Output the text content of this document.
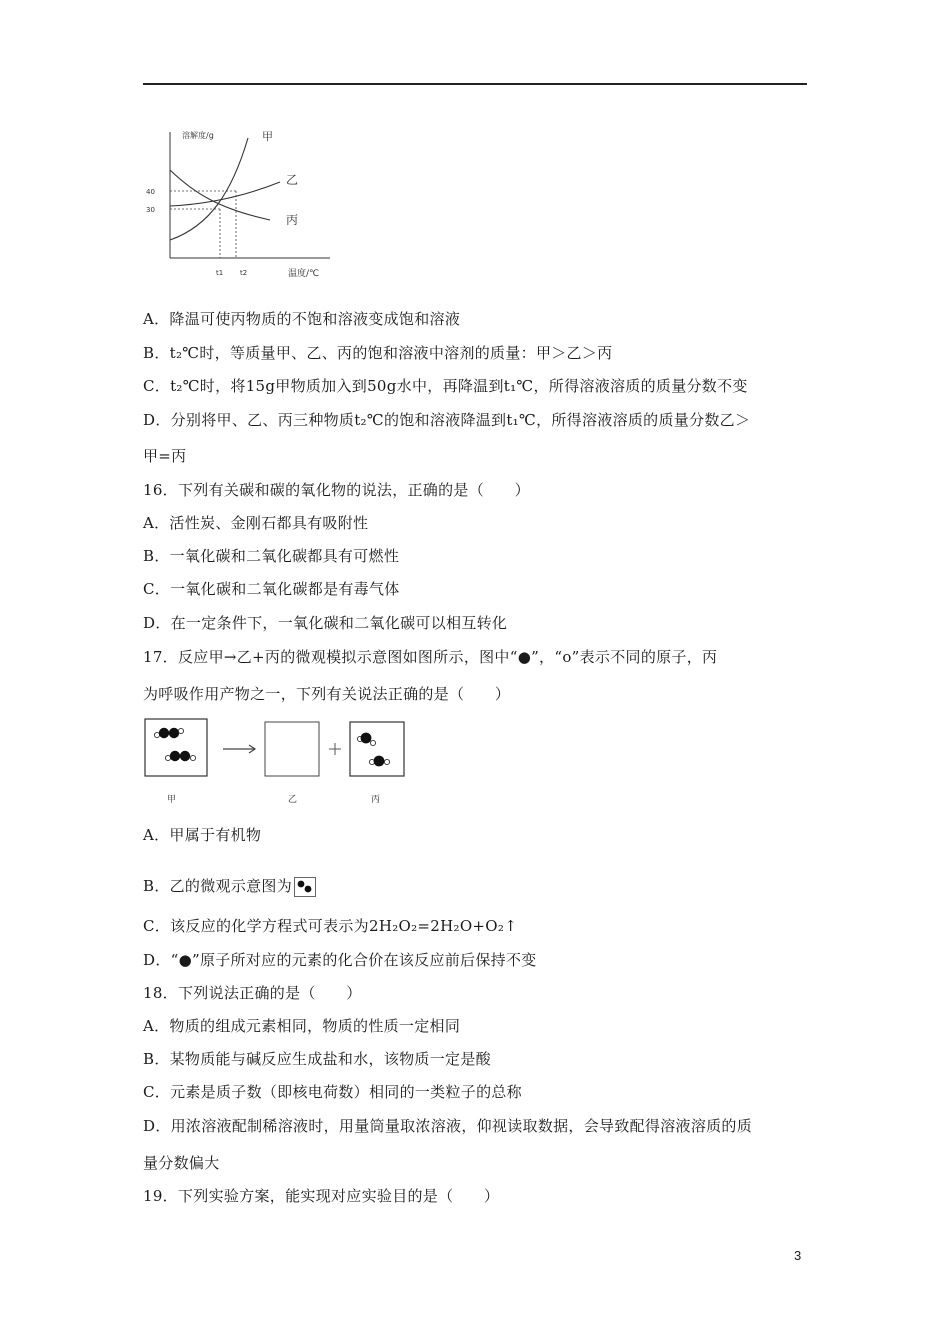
溶解度/g
40
30
甲
乙
丙
t1 t2	温度/℃
A．降温可使丙物质的不饱和溶液变成饱和溶液
B．t₂℃时，等质量甲、乙、丙的饱和溶液中溶剂的质量：甲＞乙＞丙
C．t₂℃时，将15g甲物质加入到50g水中，再降温到t₁℃，所得溶液溶质的质量分数不变
D．分别将甲、乙、丙三种物质t₂℃的饱和溶液降温到t₁℃，所得溶液溶质的质量分数乙＞
甲=丙
16．下列有关碳和碳的氧化物的说法，正确的是（　　）
A．活性炭、金刚石都具有吸附性
B．一氧化碳和二氧化碳都具有可燃性
C．一氧化碳和二氧化碳都是有毒气体
D．在一定条件下，一氧化碳和二氧化碳可以相互转化
17．反应甲→乙+丙的微观模拟示意图如图所示，图中“●”，“o”表示不同的原子，丙
为呼吸作用产物之一，下列有关说法正确的是（　　）
甲	乙	丙
A．甲属于有机物
B．乙的微观示意图为
C．该反应的化学方程式可表示为2H₂O₂=2H₂O+O₂↑
D．“●”原子所对应的元素的化合价在该反应前后保持不变
18．下列说法正确的是（　　）
A．物质的组成元素相同，物质的性质一定相同
B．某物质能与碱反应生成盐和水，该物质一定是酸
C．元素是质子数（即核电荷数）相同的一类粒子的总称
D．用浓溶液配制稀溶液时，用量筒量取浓溶液，仰视读取数据，会导致配得溶液溶质的质
量分数偏大
19．下列实验方案，能实现对应实验目的是（　　）
3
